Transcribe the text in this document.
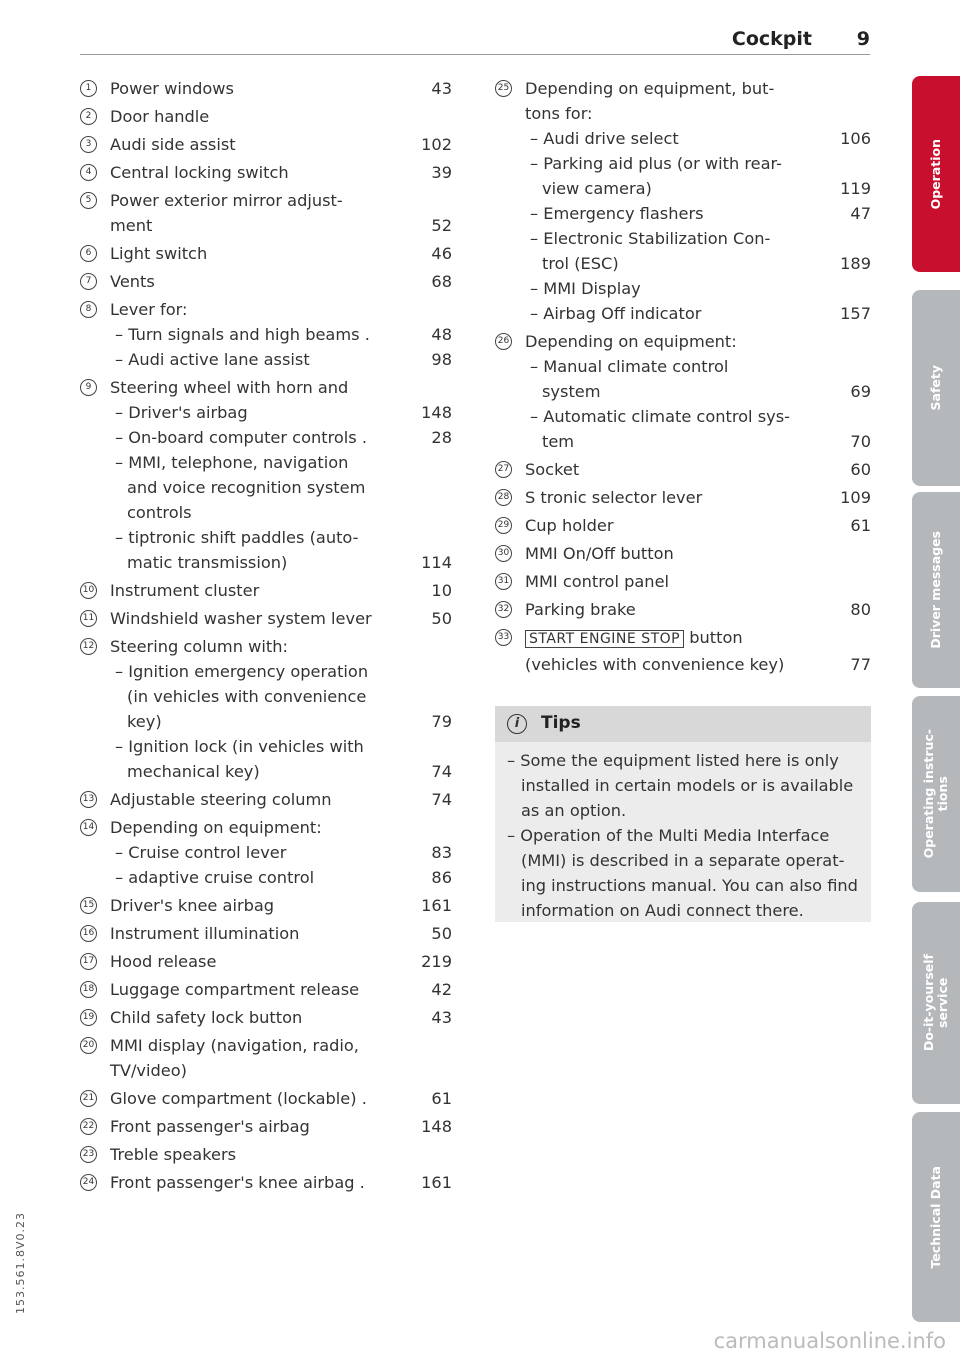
Cockpit 9
1	Power windows	43
2	Door handle
3	Audi side assist	102
4	Central locking switch	39
5	Power exterior mirror adjust- ment	52
6	Light switch	46
7	Vents	68
8	Lever for:
– Turn signals and high beams .	48
– Audi active lane assist	98
9	Steering wheel with horn and
– Driver's airbag	148
– On-board computer controls .	28
– MMI, telephone, navigation and voice recognition system controls
– tiptronic shift paddles (auto- matic transmission)	114
10 Instrument cluster	10
11 Windshield washer system lever	50
12 Steering column with:
– Ignition emergency operation (in vehicles with convenience key)	79
– Ignition lock (in vehicles with mechanical key)	74
13 Adjustable steering column	74
14 Depending on equipment:
– Cruise control lever	83
– adaptive cruise control	86
15 Driver's knee airbag	161
16 Instrument illumination	50
17 Hood release	219
18 Luggage compartment release	42
19 Child safety lock button	43
20 MMI display (navigation, radio, TV/video)
21 Glove compartment (lockable) .	61
22 Front passenger's airbag	148
23 Treble speakers
24 Front passenger's knee airbag .	161
25 Depending on equipment, but- tons for:
– Audi drive select	106
– Parking aid plus (or with rear- view camera)	119
– Emergency flashers	47
– Electronic Stabilization Con- trol (ESC)	189
– MMI Display
– Airbag Off indicator	157
26 Depending on equipment:
– Manual climate control system	69
– Automatic climate control sys- tem	70
27 Socket	60
28 S tronic selector lever	109
29 Cup holder	61
30 MMI On/Off button
31 MMI control panel
32 Parking brake	80
33	START ENGINE STOP button (vehicles with convenience key)	77
i	Tips
– Some the equipment listed here is only installed in certain models or is available as an option.
– Operation of the Multi Media Interface (MMI) is described in a separate operat- ing instructions manual. You can also find information on Audi connect there.
Operation
Safety
Driver messages
Operating instruc-
tions
Do-it-yourself
service
Technical Data
153.561.8V0.23
carmanualsonline.info
